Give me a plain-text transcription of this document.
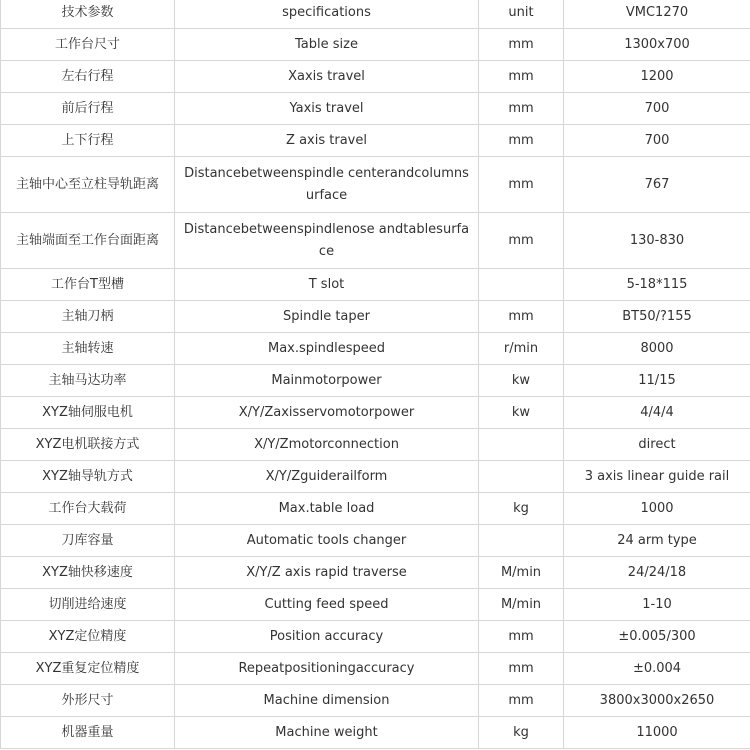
技术参数	specifications	unit	VMC1270
工作台尺寸	Table size	mm	1300x700
左右行程	Xaxis travel	mm	1200
前后行程	Yaxis travel	mm	700
上下行程	Z axis travel	mm	700
主轴中心至立柱导轨距离	Distancebetweenspindle centerandcolumnsurface	mm	767
主轴端面至工作台面距离	Distancebetweenspindlenose andtablesurface	mm	130-830
工作台T型槽	T slot		5-18*115
主轴刀柄	Spindle taper	mm	BT50/?155
主轴转速	Max.spindlespeed	r/min	8000
主轴马达功率	Mainmotorpower	kw	11/15
XYZ轴伺服电机	X/Y/Zaxisservomotorpower	kw	4/4/4
XYZ电机联接方式	X/Y/Zmotorconnection		direct
XYZ轴导轨方式	X/Y/Zguiderailform		3 axis linear guide rail
工作台大载荷	Max.table load	kg	1000
刀库容量	Automatic tools changer		24 arm type
XYZ轴快移速度	X/Y/Z axis rapid traverse	M/min	24/24/18
切削进给速度	Cutting feed speed	M/min	1-10
XYZ定位精度	Position accuracy	mm	±0.005/300
XYZ重复定位精度	Repeatpositioningaccuracy	mm	±0.004
外形尺寸	Machine dimension	mm	3800x3000x2650
机器重量	Machine weight	kg	11000
